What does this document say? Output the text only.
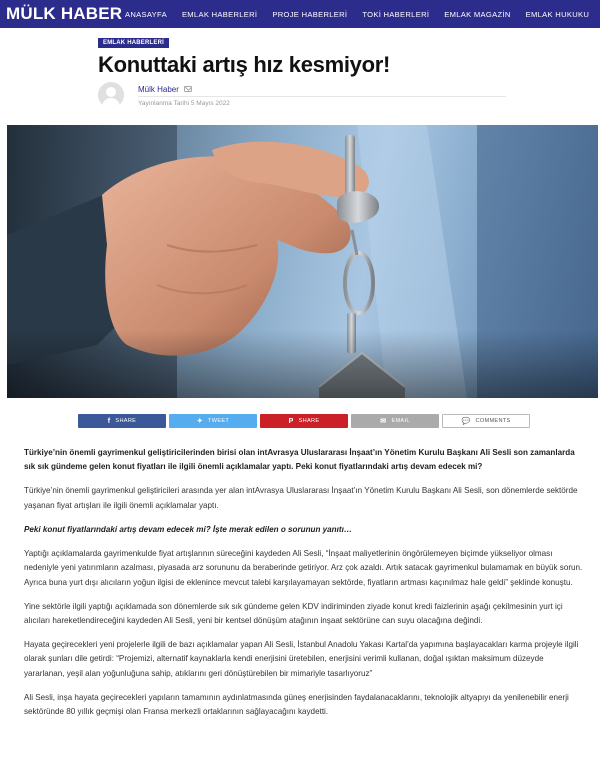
MÜLK HABER ANASAYFA EMLAK HABERLERİ PROJE HABERLERİ TOKİ HABERLERİ EMLAK MAGAZİN EMLAK HUKUKU
EMLAK HABERLERİ
Konuttaki artış hız kesmiyor!
Mülk Haber
Yayınlanma Tarihi 5 Mayıs 2022
f SHARE	✦ TWEET	P SHARE	✉ EMAIL	💬 COMMENTS

Türkiye’nin önemli gayrimenkul geliştiricilerinden birisi olan intAvrasya Uluslararası İnşaat’ın Yönetim Kurulu Başkanı Ali Sesli son zamanlarda sık sık gündeme gelen konut fiyatları ile ilgili önemli açıklamalar yaptı. Peki konut fiyatlarındaki artış devam edecek mi?

Türkiye’nin önemli gayrimenkul geliştiricileri arasında yer alan intAvrasya Uluslararası İnşaat’ın Yönetim Kurulu Başkanı Ali Sesli, son dönemlerde sektörde yaşanan fiyat artışları ile ilgili önemli açıklamalar yaptı.

Peki konut fiyatlarındaki artış devam edecek mi? İşte merak edilen o sorunun yanıtı…

Yaptığı açıklamalarda gayrimenkulde fiyat artışlarının süreceğini kaydeden Ali Sesli, “İnşaat maliyetlerinin öngörülemeyen biçimde yükseliyor olması nedeniyle yeni yatırımların azalması, piyasada arz sorununu da beraberinde getiriyor. Arz çok azaldı. Artık satacak gayrimenkul bulamamak en büyük sorun. Ayrıca buna yurt dışı alıcıların yoğun ilgisi de eklenince mevcut talebi karşılayamayan sektörde, fiyatların artması kaçınılmaz hale geldi” şeklinde konuştu.

Yine sektörle ilgili yaptığı açıklamada son dönemlerde sık sık gündeme gelen KDV indiriminden ziyade konut kredi faizlerinin aşağı çekilmesinin yurt içi alıcıları hareketlendireceğini kaydeden Ali Sesli, yeni bir kentsel dönüşüm atağının inşaat sektörüne can suyu olacağına değindi.

Hayata geçirecekleri yeni projelerle ilgili de bazı açıklamalar yapan Ali Sesli, İstanbul Anadolu Yakası Kartal’da yapımına başlayacakları karma projeyle ilgili olarak şunları dile getirdi: “Projemizi, alternatif kaynaklarla kendi enerjisini üretebilen, enerjisini verimli kullanan, doğal ışıktan maksimum düzeyde yararlanan, yeşil alan yoğunluğuna sahip, atıklarını geri dönüştürebilen bir mimariyle tasarlıyoruz”

Ali Sesli, inşa hayata geçirecekleri yapıların tamamının aydınlatmasında güneş enerjisinden faydalanacaklarını, teknolojik altyapıyı da yenilenebilir enerji sektöründe 80 yıllık geçmişi olan Fransa merkezli ortaklarının sağlayacağını kaydetti.
